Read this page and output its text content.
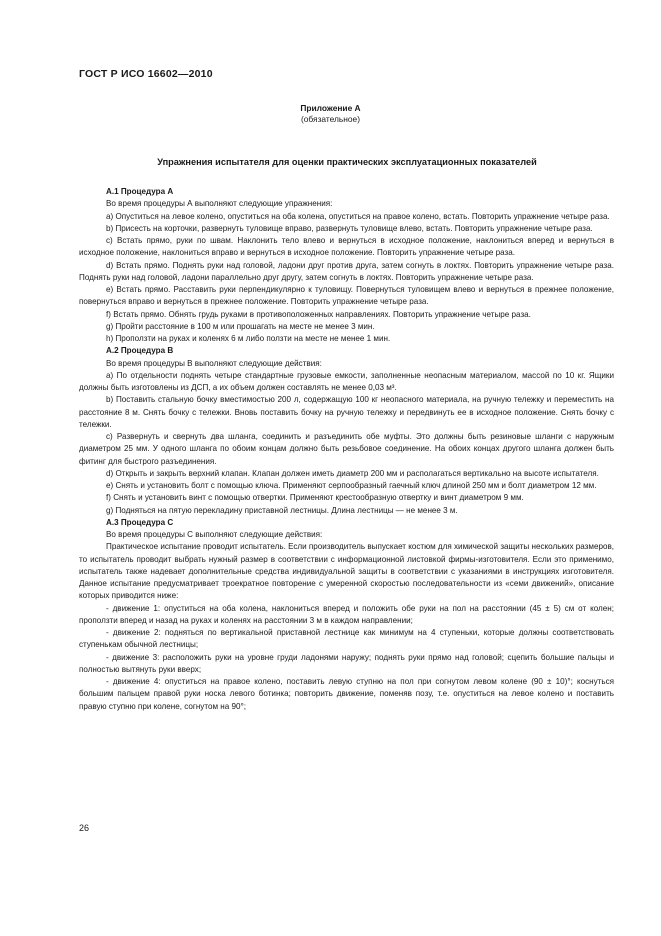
ГОСТ Р ИСО 16602—2010
Приложение А
(обязательное)
Упражнения испытателя для оценки практических эксплуатационных показателей

А.1 Процедура А

Во время процедуры А выполняют следующие упражнения:

a) Опуститься на левое колено, опуститься на оба колена, опуститься на правое колено, встать. Повторить упражнение четыре раза.

b) Присесть на корточки, развернуть туловище вправо, развернуть туловище влево, встать. Повторить упражнение четыре раза.

c) Встать прямо, руки по швам. Наклонить тело влево и вернуться в исходное положение, наклониться вперед и вернуться в исходное положение, наклониться вправо и вернуться в исходное положение. Повторить упражнение четыре раза.

d) Встать прямо. Поднять руки над головой, ладони друг против друга, затем согнуть в локтях. Повторить упражнение четыре раза. Поднять руки над головой, ладони параллельно друг другу, затем согнуть в локтях. Повторить упражнение четыре раза.

e) Встать прямо. Расставить руки перпендикулярно к туловищу. Повернуться туловищем влево и вернуться в прежнее положение, повернуться вправо и вернуться в прежнее положение. Повторить упражнение четыре раза.

f) Встать прямо. Обнять грудь руками в противоположенных направлениях. Повторить упражнение четыре раза.

g) Пройти расстояние в 100 м или прошагать на месте не менее 3 мин.

h) Проползти на руках и коленях 6 м либо ползти на месте не менее 1 мин.

А.2 Процедура В

Во время процедуры В выполняют следующие действия:

a) По отдельности поднять четыре стандартные грузовые емкости, заполненные неопасным материалом, массой по 10 кг. Ящики должны быть изготовлены из ДСП, а их объем должен составлять не менее 0,03 м³.

b) Поставить стальную бочку вместимостью 200 л, содержащую 100 кг неопасного материала, на ручную тележку и переместить на расстояние 8 м. Снять бочку с тележки. Вновь поставить бочку на ручную тележку и передвинуть ее в исходное положение. Снять бочку с тележки.

c) Развернуть и свернуть два шланга, соединить и разъединить обе муфты. Это должны быть резиновые шланги с наружным диаметром 25 мм. У одного шланга по обоим концам должно быть резьбовое соединение. На обоих концах другого шланга должен быть фитинг для быстрого разъединения.

d) Открыть и закрыть верхний клапан. Клапан должен иметь диаметр 200 мм и располагаться вертикально на высоте испытателя.

e) Снять и установить болт с помощью ключа. Применяют серпообразный гаечный ключ длиной 250 мм и болт диаметром 12 мм.

f) Снять и установить винт с помощью отвертки. Применяют крестообразную отвертку и винт диаметром 9 мм.

g) Подняться на пятую перекладину приставной лестницы. Длина лестницы — не менее 3 м.

А.3 Процедура С

Во время процедуры С выполняют следующие действия:

Практическое испытание проводит испытатель. Если производитель выпускает костюм для химической защиты нескольких размеров, то испытатель проводит выбрать нужный размер в соответствии с информационной листовкой фирмы-изготовителя. Если это применимо, испытатель также надевает дополнительные средства индивидуальной защиты в соответствии с указаниями в инструкциях изготовителя. Данное испытание предусматривает троекратное повторение с умеренной скоростью последовательности из «семи движений», описание которых приводится ниже:

- движение 1: опуститься на оба колена, наклониться вперед и положить обе руки на пол на расстоянии (45 ± 5) см от колен; проползти вперед и назад на руках и коленях на расстоянии 3 м в каждом направлении;

- движение 2: подняться по вертикальной приставной лестнице как минимум на 4 ступеньки, которые должны соответствовать ступенькам обычной лестницы;

- движение 3: расположить руки на уровне груди ладонями наружу; поднять руки прямо над головой; сцепить большие пальцы и полностью вытянуть руки вверх;

- движение 4: опуститься на правое колено, поставить левую ступню на пол при согнутом левом колене (90 ± 10)°; коснуться большим пальцем правой руки носка левого ботинка; повторить движение, поменяв позу, т.е. опуститься на левое колено и поставить правую ступню при колене, согнутом на 90°;

26
